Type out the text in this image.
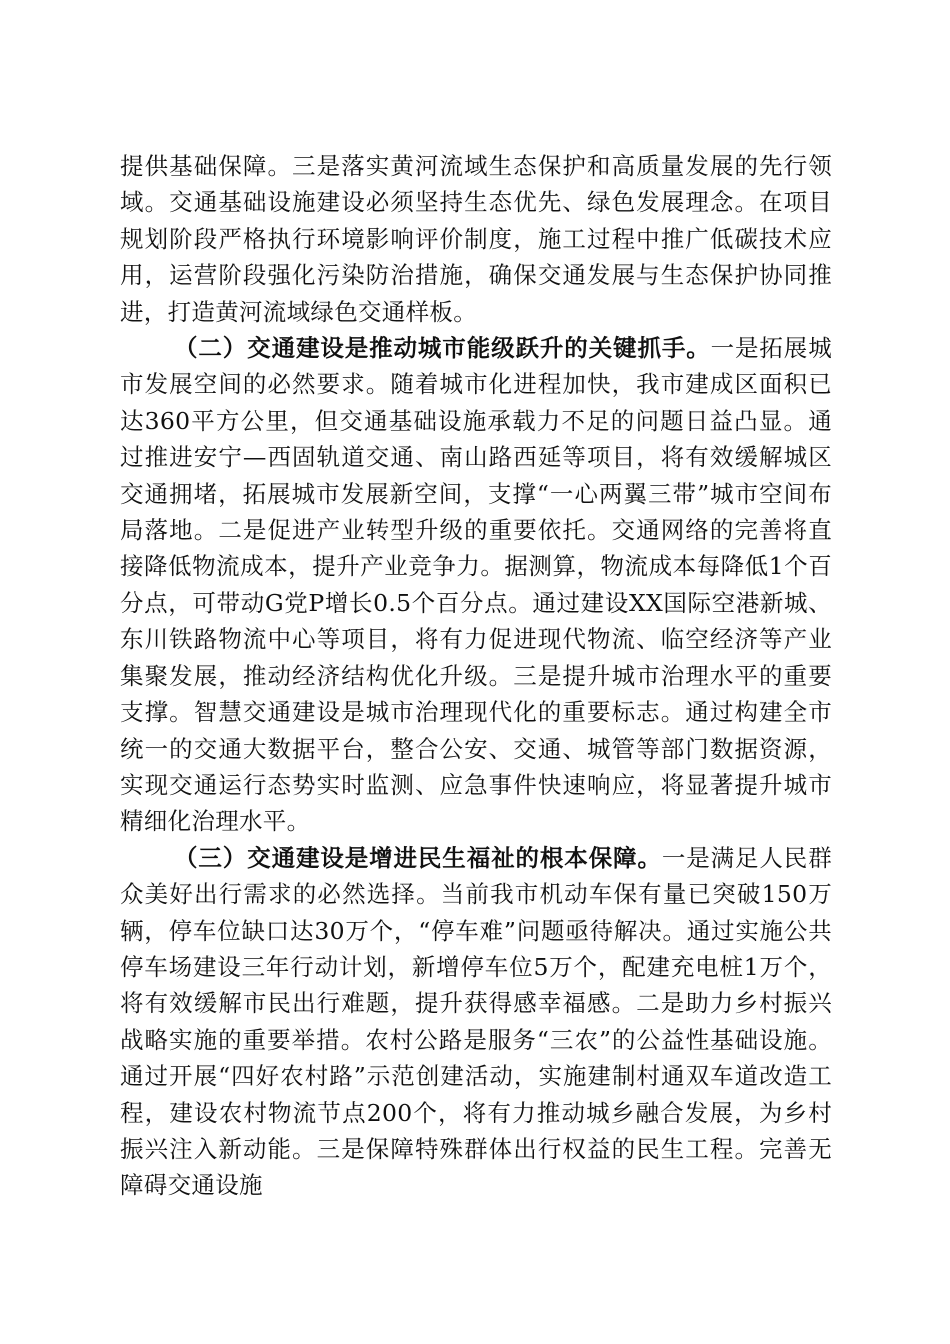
提供基础保障。三是落实黄河流域生态保护和高质量发展的先行领域。交通基础设施建设必须坚持生态优先、绿色发展理念。在项目规划阶段严格执行环境影响评价制度，施工过程中推广低碳技术应用，运营阶段强化污染防治措施，确保交通发展与生态保护协同推进，打造黄河流域绿色交通样板。

（二）交通建设是推动城市能级跃升的关键抓手。一是拓展城市发展空间的必然要求。随着城市化进程加快，我市建成区面积已达360平方公里，但交通基础设施承载力不足的问题日益凸显。通过推进安宁—西固轨道交通、南山路西延等项目，将有效缓解城区交通拥堵，拓展城市发展新空间，支撑“一心两翼三带”城市空间布局落地。二是促进产业转型升级的重要依托。交通网络的完善将直接降低物流成本，提升产业竞争力。据测算，物流成本每降低1个百分点，可带动G党P增长0.5个百分点。通过建设XX国际空港新城、东川铁路物流中心等项目，将有力促进现代物流、临空经济等产业集聚发展，推动经济结构优化升级。三是提升城市治理水平的重要支撑。智慧交通建设是城市治理现代化的重要标志。通过构建全市统一的交通大数据平台，整合公安、交通、城管等部门数据资源，实现交通运行态势实时监测、应急事件快速响应，将显著提升城市精细化治理水平。

（三）交通建设是增进民生福祉的根本保障。一是满足人民群众美好出行需求的必然选择。当前我市机动车保有量已突破150万辆，停车位缺口达30万个，“停车难”问题亟待解决。通过实施公共停车场建设三年行动计划，新增停车位5万个，配建充电桩1万个，将有效缓解市民出行难题，提升获得感幸福感。二是助力乡村振兴战略实施的重要举措。农村公路是服务“三农”的公益性基础设施。通过开展“四好农村路”示范创建活动，实施建制村通双车道改造工程，建设农村物流节点200个，将有力推动城乡融合发展，为乡村振兴注入新动能。三是保障特殊群体出行权益的民生工程。完善无障碍交通设施
